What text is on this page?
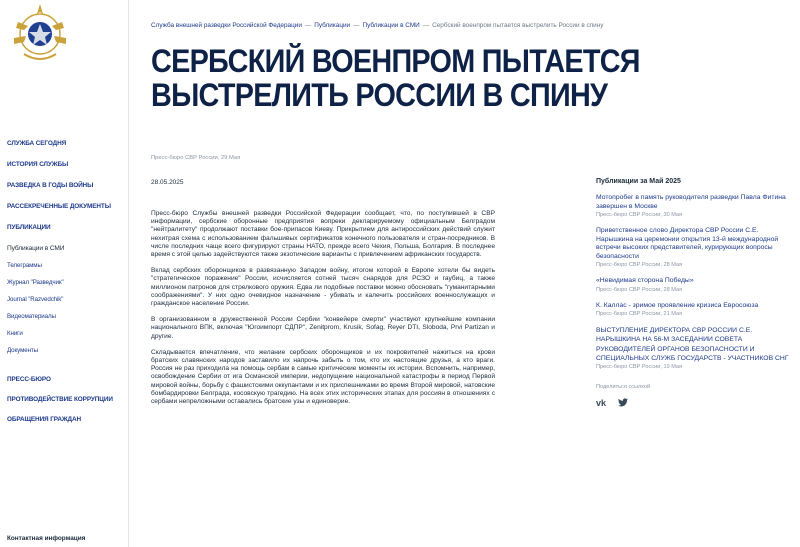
СЛУЖБА СЕГОДНЯ
ИСТОРИЯ СЛУЖБЫ
РАЗВЕДКА В ГОДЫ ВОЙНЫ
РАССЕКРЕЧЕННЫЕ ДОКУМЕНТЫ
ПУБЛИКАЦИИ
Публикации в СМИ
Телеграммы
Журнал "Разведчик"
Journal "Razvedchik"
Видеоматериалы
Книги
Документы
ПРЕСС-БЮРО
ПРОТИВОДЕЙСТВИЕ КОРРУПЦИИ
ОБРАЩЕНИЯ ГРАЖДАН
Контактная информация
Служба внешней разведки Российской Федерации — Публикации — Публикации в СМИ — Сербский военпром пытается выстрелить России в спину
СЕРБСКИЙ ВОЕНПРОМ ПЫТАЕТСЯ ВЫСТРЕЛИТЬ РОССИИ В СПИНУ
Пресс-бюро СВР России, 29 Мая
28.05.2025

Пресс-бюро Службы внешней разведки Российской Федерации сообщает, что, по поступившей в СВР информации, сербские оборонные предприятия вопреки декларируемому официальным Белградом "нейтралитету" продолжают поставки бое-припасов Киеву. Прикрытием для антироссийских действий служит нехитрая схема с использованием фальшивых сертификатов конечного пользователя и стран-посредников. В числе последних чаще всего фигурируют страны НАТО, прежде всего Чехия, Польша, Болгария. В последнее время с этой целью задействуются также экзотические варианты с привлечением африканских государств.

Вклад сербских оборонщиков в развязанную Западом войну, итогом которой в Европе хотели бы видеть "стратегическое поражение" России, исчисляется сотней тысяч снарядов для РСЗО и гаубиц, а также миллионом патронов для стрелкового оружия. Едва ли подобные поставки можно обосновать "гуманитарными соображениями". У них одно очевидное назначение - убивать и калечить российских военнослужащих и гражданское население России.

В организованном в дружественной России Сербии "конвейере смерти" участвуют крупнейшие компании национального ВПК, включая "Югоимпорт СДПР", Zenitprom, Krusik, Sofag, Reyer DTI, Sloboda, Prvi Partizan и другие.

Складывается впечатление, что желание сербских оборонщиков и их покровителей нажиться на крови братских славянских народов заставило их напрочь забыть о том, кто их настоящие друзья, а кто враги. Россия не раз приходила на помощь сербам в самые критические моменты их истории. Вспомнить, например, освобождение Сербии от ига Османской империи, недопущение национальной катастрофы в период Первой мировой войны, борьбу с фашистскими оккупантами и их приспешниками во время Второй мировой, натовские бомбардировки Белграда, косовскую трагедию. На всех этих исторических этапах для россиян в отношениях с сербами непреложными оставались братские узы и единоверие.

Публикации за Май 2025
Мотопробег в память руководителя разведки Павла Фитина завершен в Москве
Пресс-бюро СВР России, 30 Мая
Приветственное слово Директора СВР России С.Е. Нарышкина на церемонии открытия 13-й международной встречи высоких представителей, курирующих вопросы безопасности
Пресс-бюро СВР России, 28 Мая
«Невидимая сторона Победы»
Пресс-бюро СВР России, 28 Мая
К. Каллас - зримое проявление кризиса Евросоюза
Пресс-бюро СВР России, 21 Мая
ВЫСТУПЛЕНИЕ ДИРЕКТОРА СВР РОССИИ С.Е. НАРЫШКИНА НА 56-М ЗАСЕДАНИИ СОВЕТА РУКОВОДИТЕЛЕЙ ОРГАНОВ БЕЗОПАСНОСТИ И СПЕЦИАЛЬНЫХ СЛУЖБ ГОСУДАРСТВ - УЧАСТНИКОВ СНГ
Пресс-бюро СВР России, 19 Мая
Поделиться ссылкой
vk
